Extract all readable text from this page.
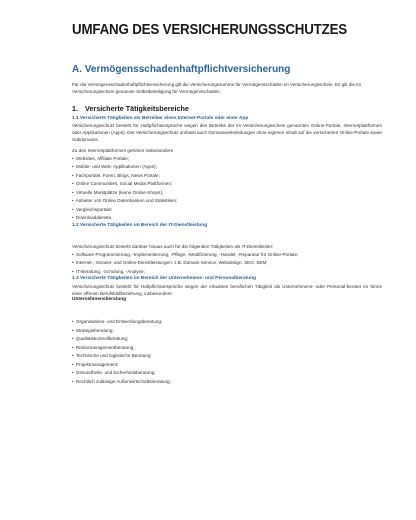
UMFANG DES VERSICHERUNGSSCHUTZES
A. Vermögensschadenhaftpflichtversicherung

Für die Vermögensschadenhaftpflichtversicherung gilt die Versicherungssumme für Vermögensschäden im Versicherungsschein. Es gilt die im Versicherungsschein genannte Selbstbeteiligung für Vermögensschäden.

1. Versicherte Tätigkeitsbereiche
1.1 Versicherte Tätigkeiten als Betreiber eines Internet-Portals oder einer App

Versicherungsschutz besteht für Haftpflichtansprüche wegen des Betriebs der im Versicherungsschein genannten Online-Portale, Internetplattformen oder Applikationen (Apps). Der Versicherungsschutz umfasst auch Domainweiterleitungen ohne eigenen Inhalt auf die versicherten Online-Portale sowie Subdomains.

Zu den Internetplattformen gehören insbesondere

• Websites, Affiliate Portale;
• Mobile- und Web- Applikationen (Apps);
• Fachportale, Foren, Blogs, News Portale;
• Online Communities, Social Media Plattformen;
• Virtuelle Marktplätze (keine Online-Shops);
• Anbieter von Online Datenbanken und Statistiken;
• Vergleichsportale;
• Downloaddienste.
1.2 Versicherte Tätigkeiten im Bereich der IT-Dienstleistung

Versicherungsschutz besteht darüber hinaus auch für die folgenden Tätigkeiten als IT-Dienstleister:

• Software-Programmierung, -Implementierung, -Pflege, -Modifizierung, -Handel, -Reparatur für Online-Portale;
• Internet-, Intranet- und Online-Dienstleistungen: z.B. Domain-Service, Webdesign, SEO, SEM;
• IT-Beratung, -Schulung, -Analyse;
1.3 Versicherte Tätigkeiten im Bereich der Unternehmens- und Personalberatung

Versicherungsschutz besteht für Haftpflichtansprüche wegen der erlaubten beruflichen Tätigkeit als Unternehmens- oder Personal-berater im Sinne einer offenen Berufsbildbeziehung, insbesondere

Unternehmensberatung

• Organisations- und Entwicklungsberatung;
• Strategieberatung;
• Qualitätskontrollberatung;
• Risikomanagementberatung;
• Technische und logistische Beratung;
• Projektmanagement;
• Gesundheits- und Sicherheitsberatung;
• Rechtlich zulässige Außenwirtschaftsberatung;
